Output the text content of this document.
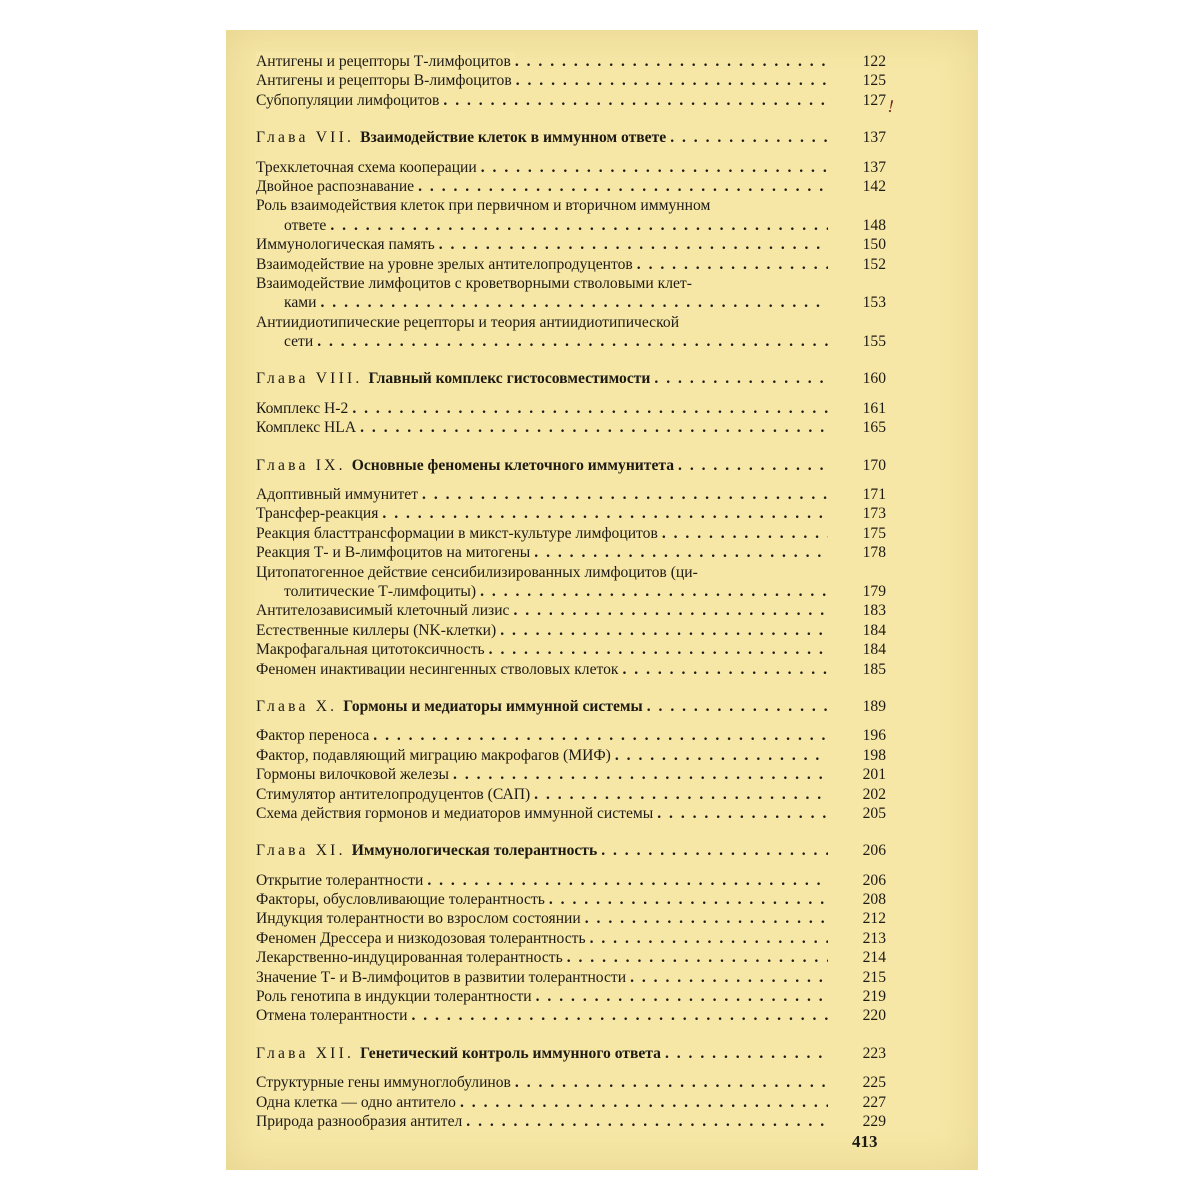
Антигены и рецепторы Т-лимфоцитов
. . .	122
Антигены и рецепторы В-лимфоцитов
. . .	125
Субпопуляции лимфоцитов
. . .	127
Глава VII. Взаимодействие клеток в иммунном ответе
. . .	137
Трехклеточная схема кооперации
. . .	137
Двойное распознавание
. . .	142
Роль взаимодействия клеток при первичном и вторичном иммунном
ответе
. . .	148
Иммунологическая память
. . .	150
Взаимодействие на уровне зрелых антителопродуцентов
. . .	152
Взаимодействие лимфоцитов с кроветворными стволовыми клет-
ками
. . .	153
Антиидиотипические рецепторы и теория антиидиотипической
сети
. . .	155
Глава VIII. Главный комплекс гистосовместимости
. . .	160
Комплекс Н-2
. . .	161
Комплекс HLA
. . .	165
Глава IX. Основные феномены клеточного иммунитета
. . .	170
Адоптивный иммунитет
. . .	171
Трансфер-реакция
. . .	173
Реакция бласттрансформации в микст-культуре лимфоцитов
. . .	175
Реакция Т- и В-лимфоцитов на митогены
. . .	178
Цитопатогенное действие сенсибилизированных лимфоцитов (ци-
толитические Т-лимфоциты)
. . .	179
Антителозависимый клеточный лизис
. . .	183
Естественные киллеры (NK-клетки)
. . .	184
Макрофагальная цитотоксичность
. . .	184
Феномен инактивации несингенных стволовых клеток
. . .	185
Глава X. Гормоны и медиаторы иммунной системы
. . .	189
Фактор переноса
. . .	196
Фактор, подавляющий миграцию макрофагов (МИФ)
. . .	198
Гормоны вилочковой железы
. . .	201
Стимулятор антителопродуцентов (САП)
. . .	202
Схема действия гормонов и медиаторов иммунной системы
. . .	205
Глава XI. Иммунологическая толерантность
. . .	206
Открытие толерантности
. . .	206
Факторы, обусловливающие толерантность
. . .	208
Индукция толерантности во взрослом состоянии
. . .	212
Феномен Дрессера и низкодозовая толерантность
. . .	213
Лекарственно-индуцированная толерантность
. . .	214
Значение Т- и В-лимфоцитов в развитии толерантности
. . .	215
Роль генотипа в индукции толерантности
. . .	219
Отмена толерантности
. . .	220
Глава XII. Генетический контроль иммунного ответа
. . .	223
Структурные гены иммуноглобулинов
. . .	225
Одна клетка — одно антитело
. . .	227
Природа разнообразия антител
. . .	229
!
413
